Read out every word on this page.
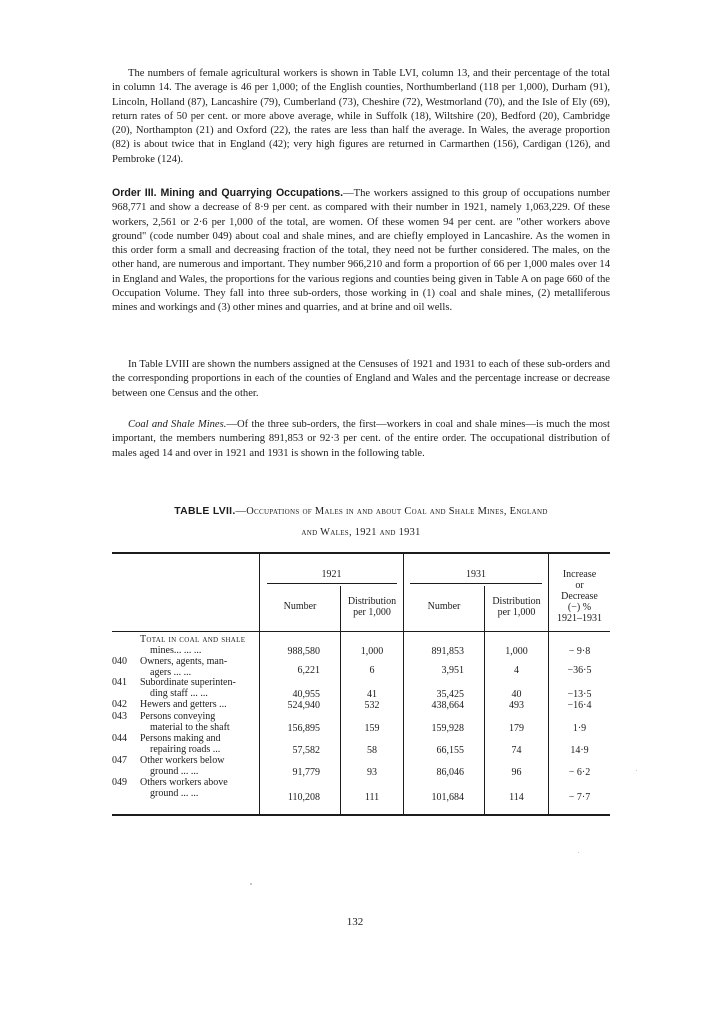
The numbers of female agricultural workers is shown in Table LVI, column 13, and their percentage of the total in column 14. The average is 46 per 1,000; of the English counties, Northumberland (118 per 1,000), Durham (91), Lincoln, Holland (87), Lancashire (79), Cumberland (73), Cheshire (72), Westmorland (70), and the Isle of Ely (69), return rates of 50 per cent. or more above average, while in Suffolk (18), Wiltshire (20), Bedford (20), Cambridge (20), Northampton (21) and Oxford (22), the rates are less than half the average. In Wales, the average proportion (82) is about twice that in England (42); very high figures are returned in Carmarthen (156), Cardigan (126), and Pembroke (124).

Order III. Mining and Quarrying Occupations.—The workers assigned to this group of occupations number 968,771 and show a decrease of 8·9 per cent. as compared with their number in 1921, namely 1,063,229. Of these workers, 2,561 or 2·6 per 1,000 of the total, are women. Of these women 94 per cent. are "other workers above ground" (code number 049) about coal and shale mines, and are chiefly employed in Lancashire. As the women in this order form a small and decreasing fraction of the total, they need not be further considered. The males, on the other hand, are numerous and important. They number 966,210 and form a proportion of 66 per 1,000 males over 14 in England and Wales, the proportions for the various regions and counties being given in Table A on page 660 of the Occupation Volume. They fall into three sub-orders, those working in (1) coal and shale mines, (2) metalliferous mines and workings and (3) other mines and quarries, and at brine and oil wells.

In Table LVIII are shown the numbers assigned at the Censuses of 1921 and 1931 to each of these sub-orders and the corresponding proportions in each of the counties of England and Wales and the percentage increase or decrease between one Census and the other.

Coal and Shale Mines.—Of the three sub-orders, the first—workers in coal and shale mines—is much the most important, the members numbering 891,853 or 92·3 per cent. of the entire order. The occupational distribution of males aged 14 and over in 1921 and 1931 is shown in the following table.

TABLE LVII.—Occupations of Males in and about Coal and Shale Mines, England
and Wales, 1921 and 1931
1921	1931
Number	Distribution
per 1,000
Number	Distribution
per 1,000
Increase
or
Decrease
(−) %
1921–1931
Total in coal and shale
mines... ... ...	988,580	1,000	891,853	1,000	− 9·8
040	Owners, agents, man-
agers ... ...	6,221	6	3,951	4	−36·5
041	Subordinate superinten-
ding staff ... ...	40,955	41	35,425	40	−13·5
042	Hewers and getters ...	524,940	532	438,664	493	−16·4
043	Persons conveying
material to the shaft	156,895	159	159,928	179	1·9
044	Persons making and
repairing roads ...	57,582	58	66,155	74	14·9
047	Other workers below
ground ... ...	91,779	93	86,046	96	− 6·2
049	Others workers above
ground ... ...	110,208	111	101,684	114	− 7·7
132
